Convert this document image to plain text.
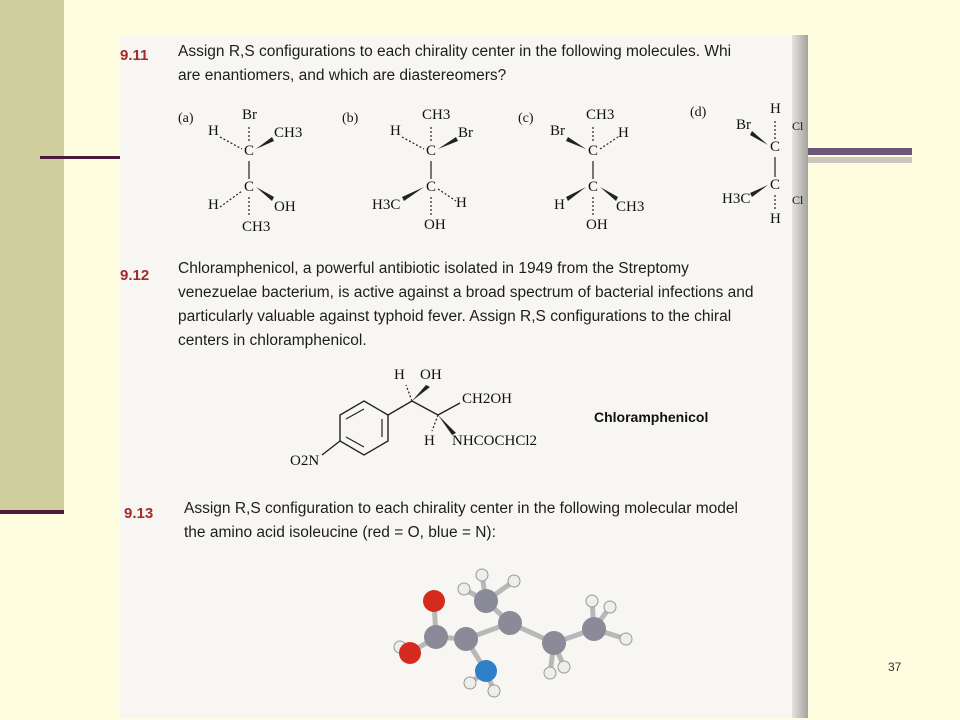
9.11 Assign R,S configurations to each chirality center in the following molecules. Whi
are enantiomers, and which are diastereomers?
(a)	Br
H	CH3
C
C
H	OH
CH3
(b)	CH3
H	Br
C
C
H3C	H
OH
(c)	CH3
Br	H
C
C
H	CH3
OH
(d)	H
Br	Cl
C
C
H3C	Cl
H
9.12 Chloramphenicol, a powerful antibiotic isolated in 1949 from the Streptomy
venezuelae bacterium, is active against a broad spectrum of bacterial infections and
particularly valuable against typhoid fever. Assign R,S configurations to the chiral
centers in chloramphenicol.
H OH
CH2OH
H NHCOCHCl2
O2N
Chloramphenicol
9.13 Assign R,S configuration to each chirality center in the following molecular model
the amino acid isoleucine (red = O, blue = N):
37
